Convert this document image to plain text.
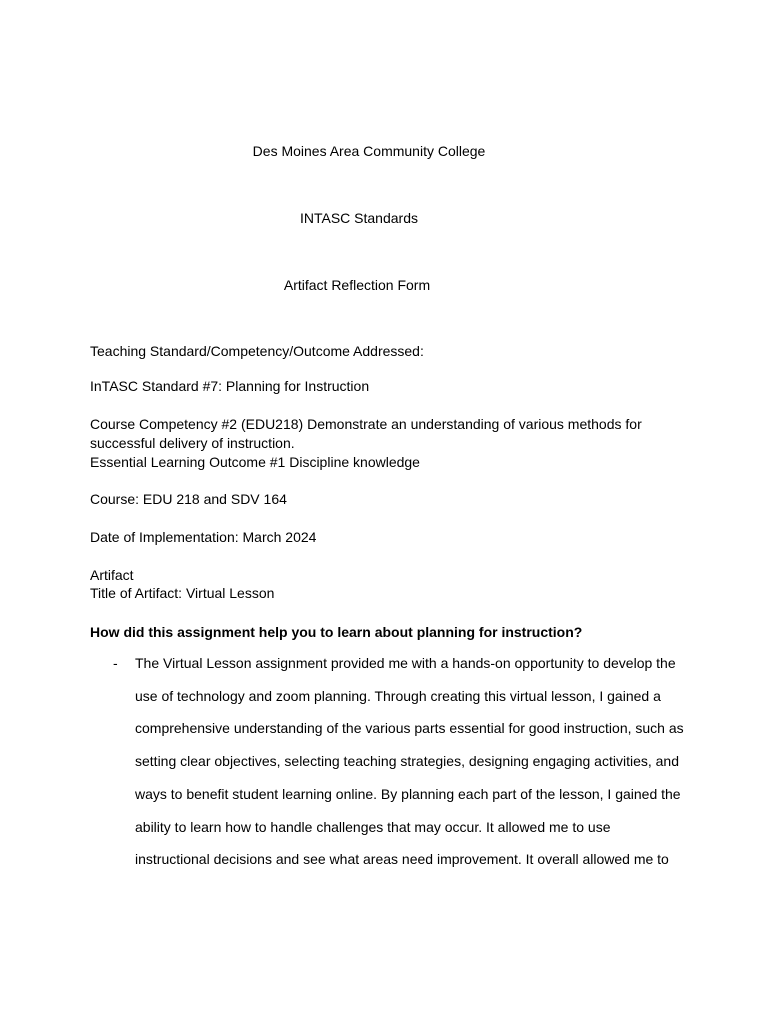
Des Moines Area Community College
INTASC Standards
Artifact Reflection Form
Teaching Standard/Competency/Outcome Addressed:
InTASC Standard #7: Planning for Instruction
Course Competency #2 (EDU218) Demonstrate an understanding of various methods for
successful delivery of instruction.
Essential Learning Outcome #1 Discipline knowledge
Course: EDU 218 and SDV 164
Date of Implementation: March 2024
Artifact
Title of Artifact: Virtual Lesson
How did this assignment help you to learn about planning for instruction?
- The Virtual Lesson assignment provided me with a hands-on opportunity to develop the
use of technology and zoom planning. Through creating this virtual lesson, I gained a
comprehensive understanding of the various parts essential for good instruction, such as
setting clear objectives, selecting teaching strategies, designing engaging activities, and
ways to benefit student learning online. By planning each part of the lesson, I gained the
ability to learn how to handle challenges that may occur. It allowed me to use
instructional decisions and see what areas need improvement. It overall allowed me to
